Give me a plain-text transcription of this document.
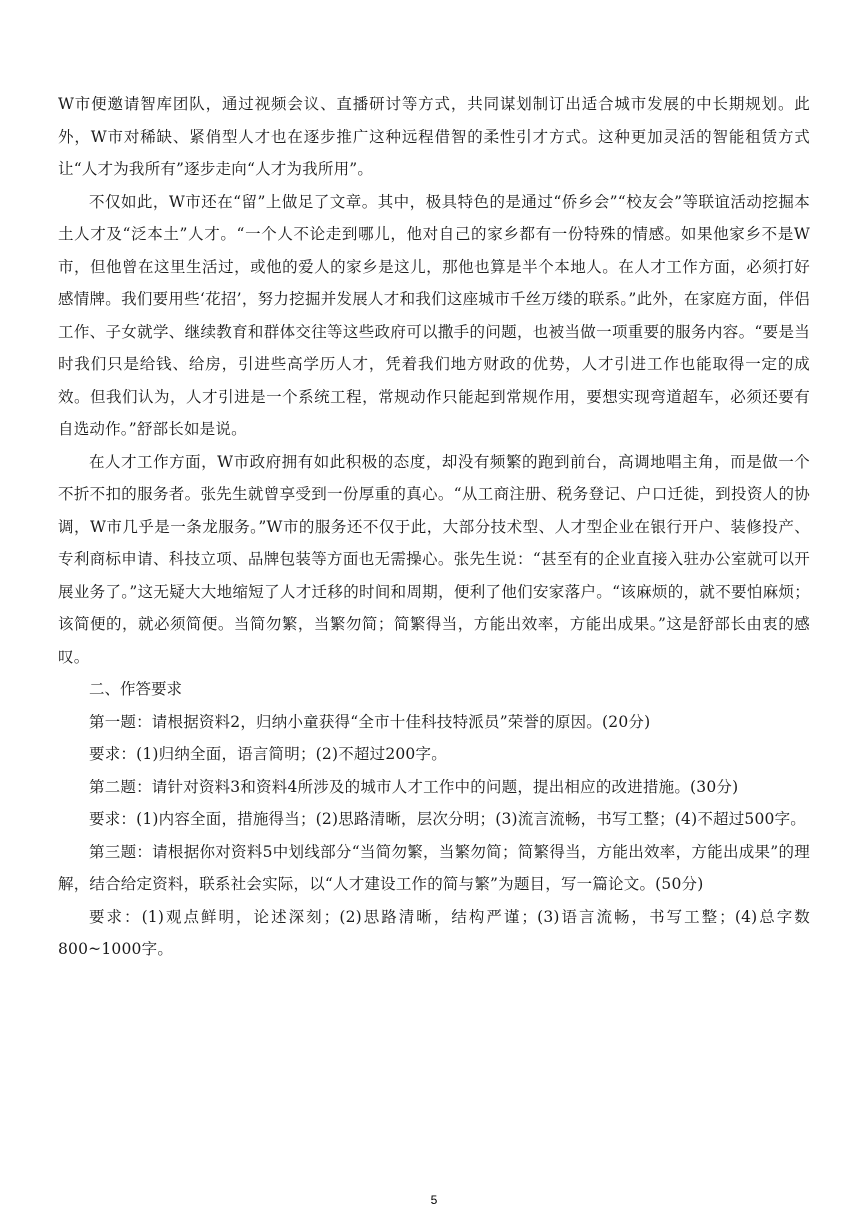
W市便邀请智库团队，通过视频会议、直播研讨等方式，共同谋划制订出适合城市发展的中长期规划。此外，W市对稀缺、紧俏型人才也在逐步推广这种远程借智的柔性引才方式。这种更加灵活的智能租赁方式让“人才为我所有”逐步走向“人才为我所用”。

不仅如此，W市还在“留”上做足了文章。其中，极具特色的是通过“侨乡会”“校友会”等联谊活动挖掘本土人才及“泛本土”人才。“一个人不论走到哪儿，他对自己的家乡都有一份特殊的情感。如果他家乡不是W市，但他曾在这里生活过，或他的爱人的家乡是这儿，那他也算是半个本地人。在人才工作方面，必须打好感情牌。我们要用些‘花招’，努力挖掘并发展人才和我们这座城市千丝万缕的联系。”此外，在家庭方面，伴侣工作、子女就学、继续教育和群体交往等这些政府可以撒手的问题，也被当做一项重要的服务内容。“要是当时我们只是给钱、给房，引进些高学历人才，凭着我们地方财政的优势，人才引进工作也能取得一定的成效。但我们认为，人才引进是一个系统工程，常规动作只能起到常规作用，要想实现弯道超车，必须还要有自选动作。”舒部长如是说。

在人才工作方面，W市政府拥有如此积极的态度，却没有频繁的跑到前台，高调地唱主角，而是做一个不折不扣的服务者。张先生就曾享受到一份厚重的真心。“从工商注册、税务登记、户口迁徙，到投资人的协调，W市几乎是一条龙服务。”W市的服务还不仅于此，大部分技术型、人才型企业在银行开户、装修投产、专利商标申请、科技立项、品牌包装等方面也无需操心。张先生说：“甚至有的企业直接入驻办公室就可以开展业务了。”这无疑大大地缩短了人才迁移的时间和周期，便利了他们安家落户。“该麻烦的，就不要怕麻烦；该简便的，就必须简便。当简勿繁，当繁勿简；简繁得当，方能出效率，方能出成果。”这是舒部长由衷的感叹。

二、作答要求

第一题：请根据资料2，归纳小童获得“全市十佳科技特派员”荣誉的原因。(20分)

要求：(1)归纳全面，语言简明；(2)不超过200字。

第二题：请针对资料3和资料4所涉及的城市人才工作中的问题，提出相应的改进措施。(30分)

要求：(1)内容全面，措施得当；(2)思路清晰，层次分明；(3)流言流畅，书写工整；(4)不超过500字。

第三题：请根据你对资料5中划线部分“当简勿繁，当繁勿简；简繁得当，方能出效率，方能出成果”的理解，结合给定资料，联系社会实际，以“人才建设工作的简与繁”为题目，写一篇论文。(50分)

要求：(1)观点鲜明，论述深刻；(2)思路清晰，结构严谨；(3)语言流畅，书写工整；(4)总字数800~1000字。

5
